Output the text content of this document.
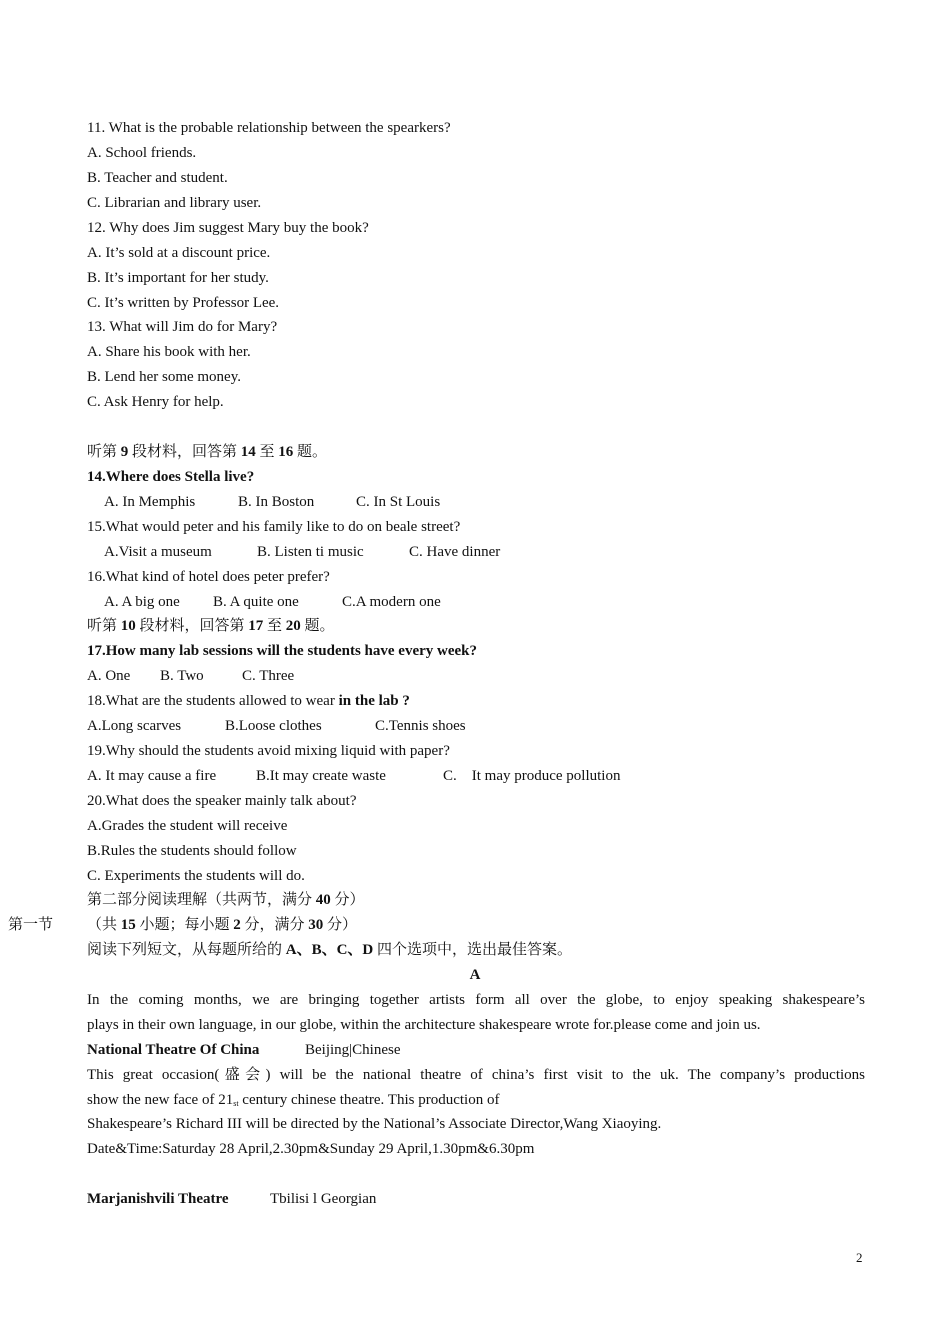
11. What is the probable relationship between the spearkers?
A. School friends.
B. Teacher and student.
C. Librarian and library user.
12. Why does Jim suggest Mary buy the book?
A. It’s sold at a discount price.
B. It’s important for her study.
C. It’s written by Professor Lee.
13. What will Jim do for Mary?
A. Share his book with her.
B. Lend her some money.
C. Ask Henry for help.
听第 9 段材料，回答第 14 至 16 题。
14.Where does Stella live?
A. In Memphis	B. In Boston	C. In St Louis
15.What would peter and his family like to do on beale street?
A.Visit a museum	B. Listen ti music	C. Have dinner
16.What kind of hotel does peter prefer?
A. A big one B. A quite one	C.A modern one
听第 10 段材料，回答第 17 至 20 题。
17.How many lab sessions will the students have every week?
A. One B. Two	C. Three
18.What are the students allowed to wear in the lab ?
A.Long scarves	B.Loose clothes	C.Tennis shoes
19.Why should the students avoid mixing liquid with paper?
A. It may cause a fire	B.It may create waste	C.    It may produce pollution
20.What does the speaker mainly talk about?
A.Grades the student will receive
B.Rules the students should follow
C. Experiments the students will do.
第二部分阅读理解（共两节，满分 40 分）
第一节 （共 15 小题；每小题 2 分，满分 30 分）
阅读下列短文，从每题所给的 A、B、C、D 四个选项中，选出最佳答案。
A
In the coming months, we are bringing together artists form all over the globe, to enjoy speaking shakespeare’s
plays in their own language, in our globe, within the architecture shakespeare wrote for.please come and join us.
National Theatre Of China	Beijing|Chinese
This great occasion(盛会) will be the national theatre of china’s first visit to the uk. The company’s productions
show the new face of 21st century chinese theatre. This production of
Shakespeare’s Richard III will be directed by the National’s Associate Director,Wang Xiaoying.
Date&Time:Saturday 28 April,2.30pm&Sunday 29 April,1.30pm&6.30pm
Marjanishvili Theatre	Tbilisi l Georgian
2
